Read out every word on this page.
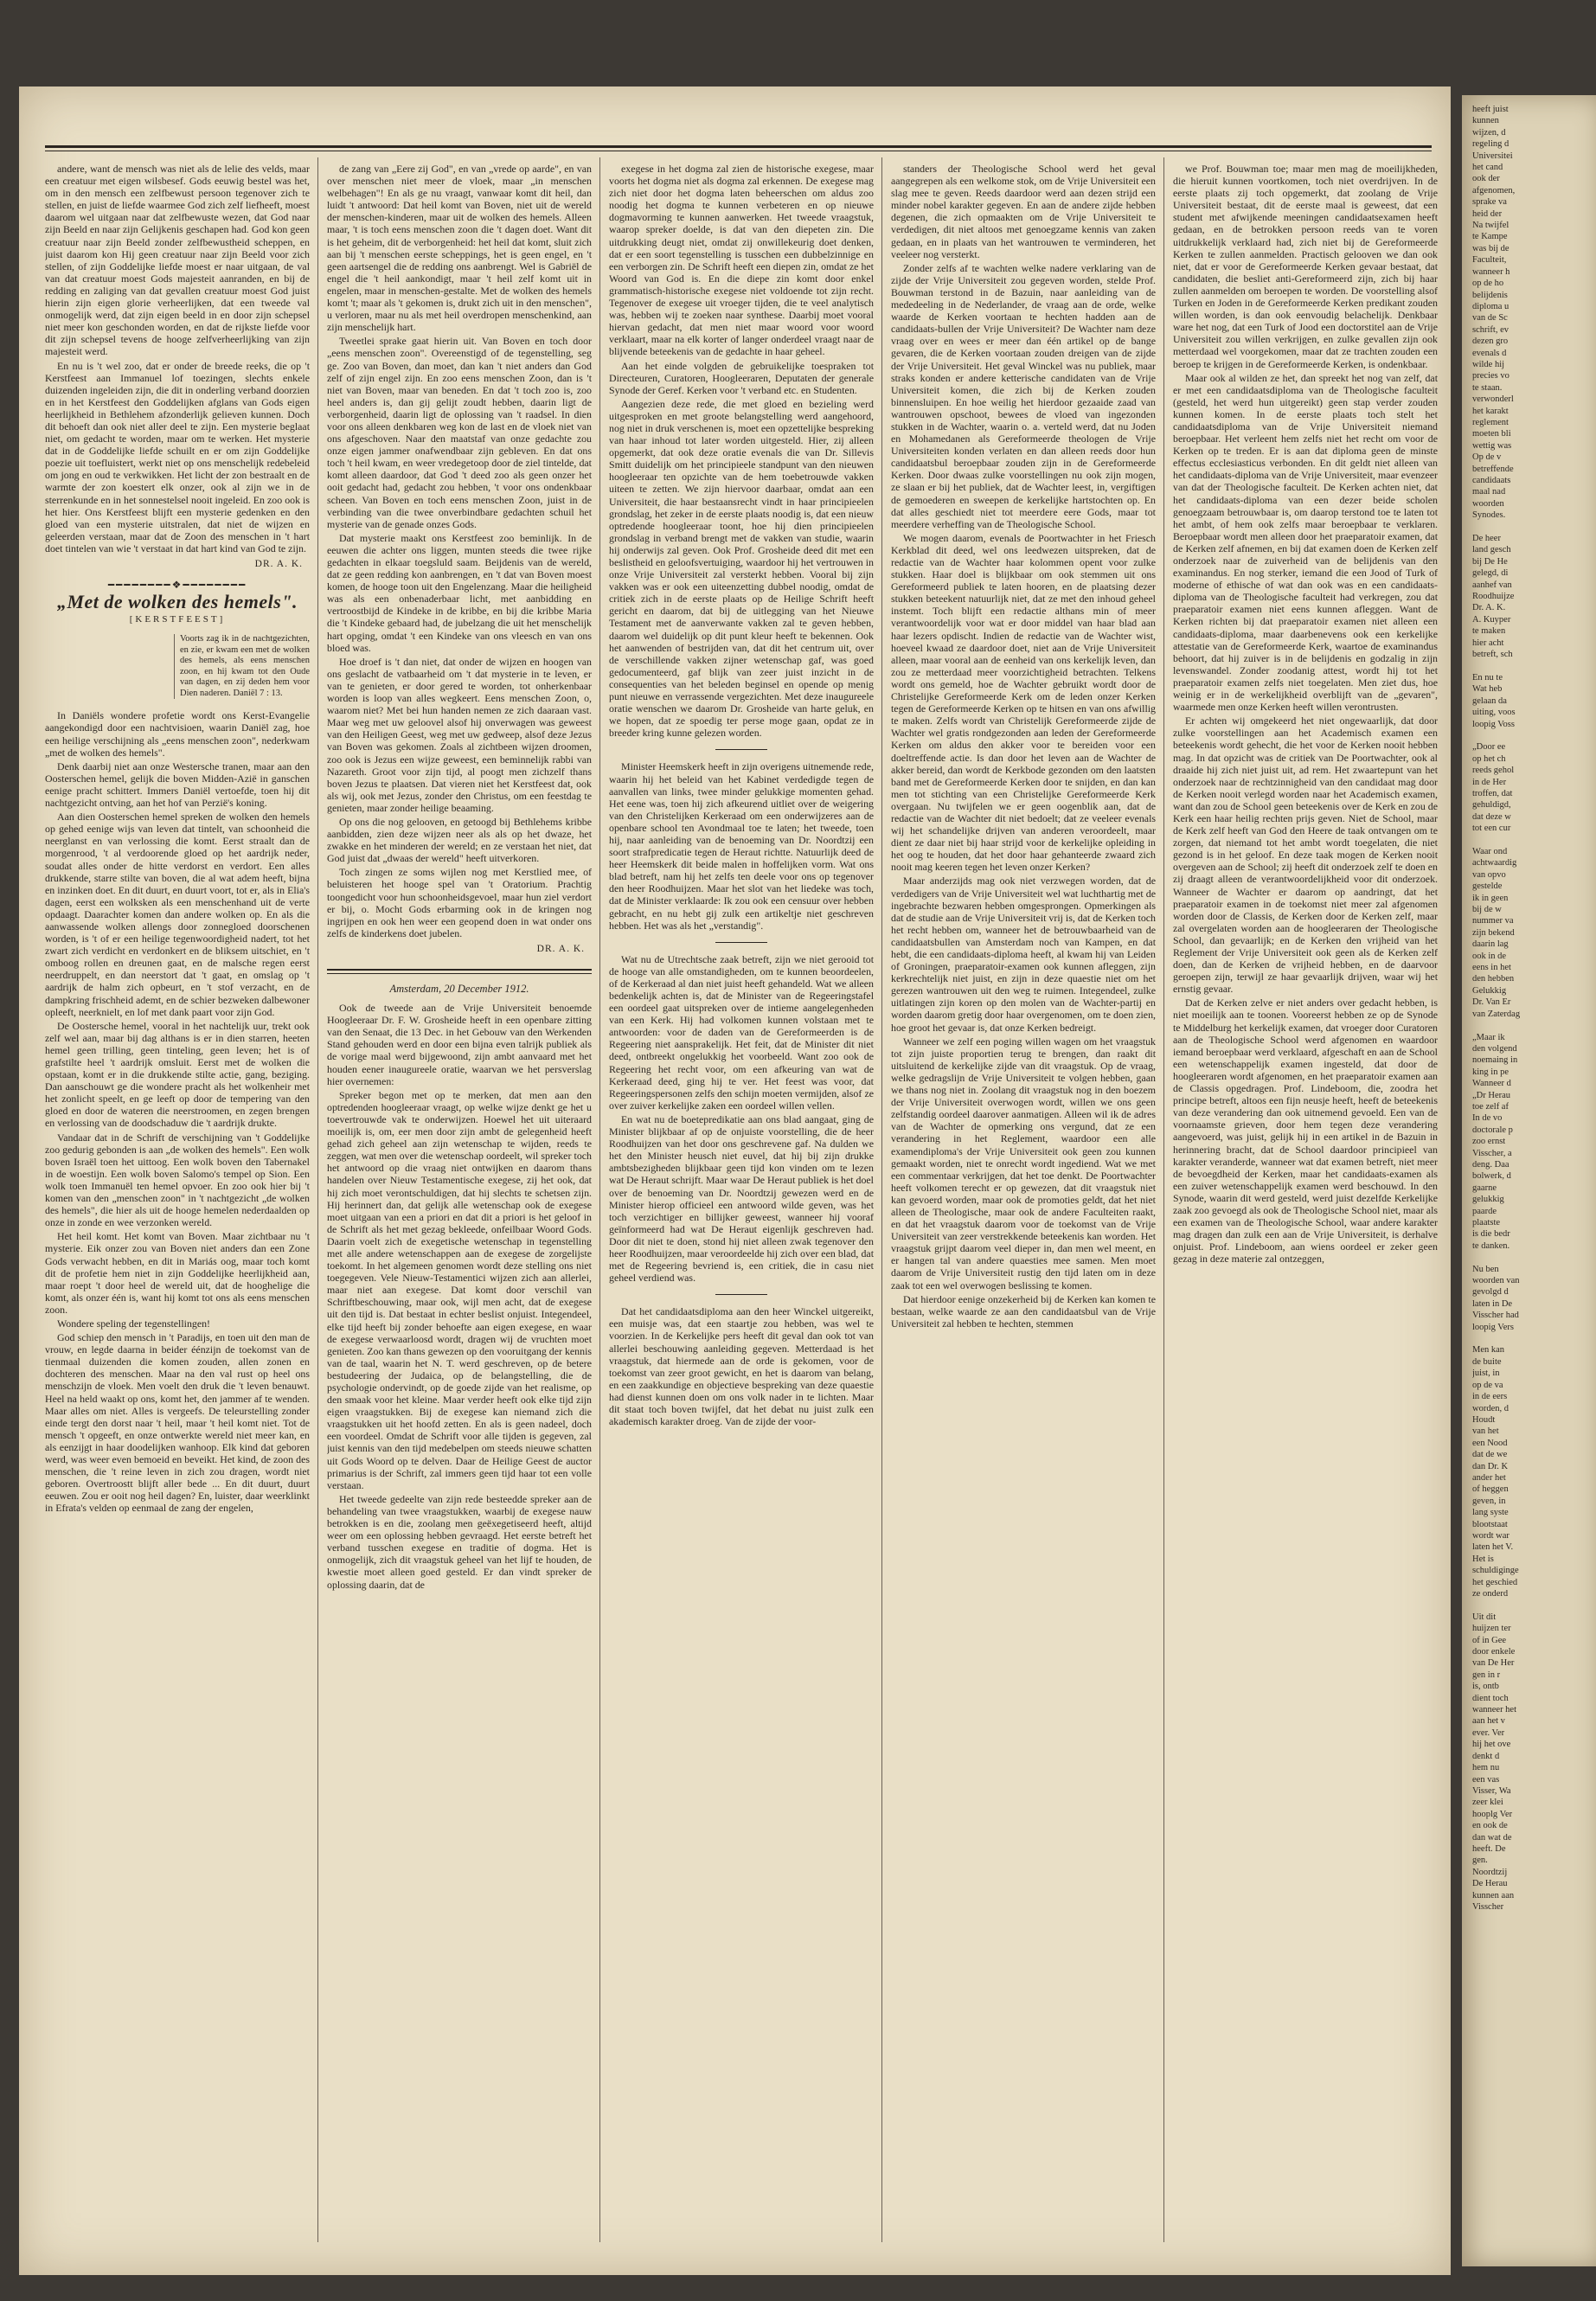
andere, want de mensch was niet als de lelie des velds, maar een creatuur met eigen wilsbesef. Gods eeuwig bestel was het, om in den mensch een zelfbewust persoon tegenover zich te stellen, en juist de liefde waarmee God zich zelf liefheeft, moest daarom wel uitgaan naar dat zelfbewuste wezen, dat God naar zijn Beeld en naar zijn Gelijkenis geschapen had. God kon geen creatuur naar zijn Beeld zonder zelfbewustheid scheppen, en juist daarom kon Hij geen creatuur naar zijn Beeld voor zich stellen, of zijn Goddelijke liefde moest er naar uitgaan, de val van dat creatuur moest Gods majesteit aanranden, en bij de redding en zaliging van dat gevallen creatuur moest God juist hierin zijn eigen glorie verheerlijken, dat een tweede val onmogelijk werd, dat zijn eigen beeld in en door zijn schepsel niet meer kon geschonden worden, en dat de rijkste liefde voor dit zijn schepsel tevens de hooge zelfverheerlijking van zijn majesteit werd.

En nu is 't wel zoo, dat er onder de breede reeks, die op 't Kerstfeest aan Immanuel lof toezingen, slechts enkele duizenden ingeleiden zijn, die dit in onderling verband doorzien en in het Kerstfeest den Goddelijken afglans van Gods eigen heerlijkheid in Bethlehem afzonderlijk gelieven kunnen. Doch dit behoeft dan ook niet aller deel te zijn. Een mysterie beglaat niet, om gedacht te worden, maar om te werken. Het mysterie dat in de Goddelijke liefde schuilt en er om zijn Goddelijke poezie uit toefluistert, werkt niet op ons menschelijk redebeleid om jong en oud te verkwikken. Het licht der zon bestraalt en de warmte der zon koestert elk onzer, ook al zijn we in de sterrenkunde en in het sonnestelsel nooit ingeleid. En zoo ook is het hier. Ons Kerstfeest blijft een mysterie gedenken en den gloed van een mysterie uitstralen, dat niet de wijzen en geleerden verstaan, maar dat de Zoon des menschen in 't hart doet tintelen van wie 't verstaat in dat hart kind van God te zijn.

DR. A. K.
━━━━━━━━❖━━━━━━━━
„Met de wolken des hemels".
[KERSTFEEST]
Voorts zag ik in de nachtgezichten, en zie, er kwam een met de wolken des hemels, als eens menschen zoon, en hij kwam tot den Oude van dagen, en zij deden hem voor Dien naderen. Daniël 7 : 13.

In Daniëls wondere profetie wordt ons Kerst-Evangelie aangekondigd door een nachtvisioen, waarin Daniël zag, hoe een heilige verschijning als „eens menschen zoon", nederkwam „met de wolken des hemels".

Denk daarbij niet aan onze Westersche tranen, maar aan den Oosterschen hemel, gelijk die boven Midden-Azië in ganschen eenige pracht schittert. Immers Daniël vertoefde, toen hij dit nachtgezicht ontving, aan het hof van Perzië's koning.

Aan dien Oosterschen hemel spreken de wolken den hemels op gehed eenige wijs van leven dat tintelt, van schoonheid die neerglanst en van verlossing die komt. Eerst straalt dan de morgenrood, 't al verdoorende gloed op het aardrijk neder, soudat alles onder de hitte verdorst en verdort. Een alles drukkende, starre stilte van boven, die al wat adem heeft, bijna en inzinken doet. En dit duurt, en duurt voort, tot er, als in Elia's dagen, eerst een wolksken als een menschenhand uit de verte opdaagt. Daarachter komen dan andere wolken op. En als die aanwassende wolken allengs door zonnegloed doorschenen worden, is 't of er een heilige tegenwoordigheid nadert, tot het zwart zich verdicht en verdonkert en de bliksem uitschiet, en 't omboog rollen en dreunen gaat, en de malsche regen eerst neerdruppelt, en dan neerstort dat 't gaat, en omslag op 't aardrijk de halm zich opbeurt, en 't stof verzacht, en de dampkring frischheid ademt, en de schier bezweken dalbewoner opleeft, neerknielt, en lof met dank paart voor zijn God.

De Oostersche hemel, vooral in het nachtelijk uur, trekt ook zelf wel aan, maar bij dag althans is er in dien starren, heeten hemel geen trilling, geen tinteling, geen leven; het is of grafstilte heel 't aardrijk omsluit. Eerst met de wolken die opstaan, komt er in die drukkende stilte actie, gang, beziging. Dan aanschouwt ge die wondere pracht als het wolkenheir met het zonlicht speelt, en ge leeft op door de tempering van den gloed en door de wateren die neerstroomen, en zegen brengen en verlossing van de doodschaduw die 't aardrijk drukte.

Vandaar dat in de Schrift de verschijning van 't Goddelijke zoo gedurig gebonden is aan „de wolken des hemels". Een wolk boven Israël toen het uittoog. Een wolk boven den Tabernakel in de woestijn. Een wolk boven Salomo's tempel op Sion. Een wolk toen Immanuël ten hemel opvoer. En zoo ook hier bij 't komen van den „menschen zoon" in 't nachtgezicht „de wolken des hemels", die hier als uit de hooge hemelen nederdaalden op onze in zonde en wee verzonken wereld.

Het heil komt. Het komt van Boven. Maar zichtbaar nu 't mysterie. Eik onzer zou van Boven niet anders dan een Zone Gods verwacht hebben, en dit in Mariás oog, maar toch komt dit de profetie hem niet in zijn Goddelijke heerlijkheid aan, maar roept 't door heel de wereld uit, dat de hooghelige die komt, als onzer één is, want hij komt tot ons als eens menschen zoon.

Wondere speling der tegenstellingen!

God schiep den mensch in 't Paradijs, en toen uit den man de vrouw, en legde daarna in beider éénzijn de toekomst van de tienmaal duizenden die komen zouden, allen zonen en dochteren des menschen. Maar na den val rust op heel ons menschzijn de vloek. Men voelt den druk die 't leven benauwt. Heel na held waakt op ons, komt het, den jammer af te wenden. Maar alles om niet. Alles is vergeefs. De teleurstelling zonder einde tergt den dorst naar 't heil, maar 't heil komt niet. Tot de mensch 't opgeeft, en onze ontwerkte wereld niet meer kan, en als eenzijgt in haar doodelijken wanhoop. Elk kind dat geboren werd, was weer even bemoeid en beveikt. Het kind, de zoon des menschen, die 't reine leven in zich zou dragen, wordt niet geboren. Overtroostt blijft aller bede ... En dit duurt, duurt eeuwen. Zou er ooit nog heil dagen? En, luister, daar weerklinkt in Efrata's velden op eenmaal de zang der engelen,

de zang van „Eere zij God", en van „vrede op aarde", en van over menschen niet meer de vloek, maar „in menschen welbehagen"! En als ge nu vraagt, vanwaar komt dit heil, dan luidt 't antwoord: Dat heil komt van Boven, niet uit de wereld der menschen-kinderen, maar uit de wolken des hemels. Alleen maar, 't is toch eens menschen zoon die 't dagen doet. Want dit is het geheim, dit de verborgenheid: het heil dat komt, sluit zich aan bij 't menschen eerste scheppings, het is geen engel, en 't geen aartsengel die de redding ons aanbrengt. Wel is Gabriël de engel die 't heil aankondigt, maar 't heil zelf komt uit in engelen, maar in menschen-gestalte. Met de wolken des hemels komt 't; maar als 't gekomen is, drukt zich uit in den menschen", u verloren, maar nu als met heil overdropen menschenkind, aan zijn menschelijk hart.

Tweetlei sprake gaat hierin uit. Van Boven en toch door „eens menschen zoon". Overeenstigd of de tegenstelling, seg ge. Zoo van Boven, dan moet, dan kan 't niet anders dan God zelf of zijn engel zijn. En zoo eens menschen Zoon, dan is 't niet van Boven, maar van beneden. En dat 't toch zoo is, zoo heel anders is, dan gij gelijt zoudt hebben, daarin ligt de verborgenheid, daarin ligt de oplossing van 't raadsel. In dien voor ons alleen denkbaren weg kon de last en de vloek niet van ons afgeschoven. Naar den maatstaf van onze gedachte zou onze eigen jammer onafwendbaar zijn gebleven. En dat ons toch 't heil kwam, en weer vredegetoop door de ziel tintelde, dat komt alleen daardoor, dat God 't deed zoo als geen onzer het ooit gedacht had, gedacht zou hebben, 't voor ons ondenkbaar scheen. Van Boven en toch eens menschen Zoon, juist in de verbinding van die twee onverbindbare gedachten schuil het mysterie van de genade onzes Gods.

Dat mysterie maakt ons Kerstfeest zoo beminlijk. In de eeuwen die achter ons liggen, munten steeds die twee rijke gedachten in elkaar toegsluld saam. Beijdenis van de wereld, dat ze geen redding kon aanbrengen, en 't dat van Boven moest komen, de hooge toon uit den Engelenzang. Maar die heiligheid was als een onbenaderbaar licht, met aanbidding en vertroostbijd de Kindeke in de kribbe, en bij die kribbe Maria die 't Kindeke gebaard had, de jubelzang die uit het menschelijk hart opging, omdat 't een Kindeke van ons vleesch en van ons bloed was.

Hoe droef is 't dan niet, dat onder de wijzen en hoogen van ons geslacht de vatbaarheid om 't dat mysterie in te leven, er van te genieten, er door gered te worden, tot onherkenbaar worden is loop van alles wegkeert. Eens menschen Zoon, o, waarom niet? Met bei hun handen nemen ze zich daaraan vast. Maar weg met uw geloovel alsof hij onverwagen was geweest van den Heiligen Geest, weg met uw gedweep, alsof deze Jezus van Boven was gekomen. Zoals al zichtbeen wijzen droomen, zoo ook is Jezus een wijze geweest, een beminnelijk rabbi van Nazareth. Groot voor zijn tijd, al poogt men zichzelf thans boven Jezus te plaatsen. Dat vieren niet het Kerstfeest dat, ook als wij, ook met Jezus, zonder den Christus, om een feestdag te genieten, maar zonder heilige beaaming.

Op ons die nog gelooven, en getoogd bij Bethlehems kribbe aanbidden, zien deze wijzen neer als als op het dwaze, het zwakke en het minderen der wereld; en ze verstaan het niet, dat God juist dat „dwaas der wereld" heeft uitverkoren.

Toch zingen ze soms wijlen nog met Kerstlied mee, of beluisteren het hooge spel van 't Oratorium. Prachtig toongedicht voor hun schoonheidsgevoel, maar hun ziel verdort er bij, o. Mocht Gods erbarming ook in de kringen nog ingrijpen en ook hen weer een geopend doen in wat onder ons zelfs de kinderkens doet jubelen.

DR. A. K.
Amsterdam, 20 December 1912.

Ook de tweede aan de Vrije Universiteit benoemde Hoogleeraar Dr. F. W. Grosheide heeft in een openbare zitting van den Senaat, die 13 Dec. in het Gebouw van den Werkenden Stand gehouden werd en door een bijna even talrijk publiek als de vorige maal werd bijgewoond, zijn ambt aanvaard met het houden eener inaugureele oratie, waarvan we het persverslag hier overnemen:

Spreker begon met op te merken, dat men aan den optredenden hoogleeraar vraagt, op welke wijze denkt ge het u toevertrouwde vak te onderwijzen. Hoewel het uit uiteraard moeilijk is, om, eer men door zijn ambt de gelegenheid heeft gehad zich geheel aan zijn wetenschap te wijden, reeds te zeggen, wat men over die wetenschap oordeelt, wil spreker toch het antwoord op die vraag niet ontwijken en daarom thans handelen over Nieuw Testamentische exegese, zij het ook, dat hij zich moet verontschuldigen, dat hij slechts te schetsen zijn. Hij herinnert dan, dat gelijk alle wetenschap ook de exegese moet uitgaan van een a priori en dat dit a priori is het geloof in de Schrift als het met gezag bekleede, onfeilbaar Woord Gods. Daarin voelt zich de exegetische wetenschap in tegenstelling met alle andere wetenschappen aan de exegese de zorgelijste toekomt. In het algemeen genomen wordt deze stelling ons niet toegegeven. Vele Nieuw-Testamentici wijzen zich aan allerlei, maar niet aan exegese. Dat komt door verschil van Schriftbeschouwing, maar ook, wijl men acht, dat de exegese uit den tijd is. Dat bestaat in echter beslist onjuist. Integendeel, elke tijd heeft bij zonder behoefte aan eigen exegese, en waar de exegese verwaarloosd wordt, dragen wij de vruchten moet genieten. Zoo kan thans gewezen op den vooruitgang der kennis van de taal, waarin het N. T. werd geschreven, op de betere bestudeering der Judaica, op de belangstelling, die de psychologie ondervindt, op de goede zijde van het realisme, op den smaak voor het kleine. Maar verder heeft ook elke tijd zijn eigen vraagstukken. Bij de exegese kan niemand zich die vraagstukken uit het hoofd zetten. En als is geen nadeel, doch een voordeel. Omdat de Schrift voor alle tijden is gegeven, zal juist kennis van den tijd medebelpen om steeds nieuwe schatten uit Gods Woord op te delven. Daar de Heilige Geest de auctor primarius is der Schrift, zal immers geen tijd haar tot een volle verstaan.

Het tweede gedeelte van zijn rede besteedde spreker aan de behandeling van twee vraagstukken, waarbij de exegese nauw betrokken is en die, zoolang men geëxegetiseerd heeft, altijd weer om een oplossing hebben gevraagd. Het eerste betreft het verband tusschen exegese en traditie of dogma. Het is onmogelijk, zich dit vraagstuk geheel van het lijf te houden, de kwestie moet alleen goed gesteld. Er dan vindt spreker de oplossing daarin, dat de

exegese in het dogma zal zien de historische exegese, maar voorts het dogma niet als dogma zal erkennen. De exegese mag zich niet door het dogma laten beheerschen om aldus zoo noodig het dogma te kunnen verbeteren en op nieuwe dogmavorming te kunnen aanwerken. Het tweede vraagstuk, waarop spreker doelde, is dat van den diepeten zin. Die uitdrukking deugt niet, omdat zij onwillekeurig doet denken, dat er een soort tegenstelling is tusschen een dubbelzinnige en een verborgen zin. De Schrift heeft een diepen zin, omdat ze het Woord van God is. En die diepe zin komt door enkel grammatisch-historische exegese niet voldoende tot zijn recht. Tegenover de exegese uit vroeger tijden, die te veel analytisch was, hebben wij te zoeken naar synthese. Daarbij moet vooral hiervan gedacht, dat men niet maar woord voor woord verklaart, maar na elk korter of langer onderdeel vraagt naar de blijvende beteekenis van de gedachte in haar geheel.

Aan het einde volgden de gebruikelijke toespraken tot Directeuren, Curatoren, Hoogleeraren, Deputaten der generale Synode der Geref. Kerken voor 't verband etc. en Studenten.

Aangezien deze rede, die met gloed en bezieling werd uitgesproken en met groote belangstelling werd aangehoord, nog niet in druk verschenen is, moet een opzettelijke bespreking van haar inhoud tot later worden uitgesteld. Hier, zij alleen opgemerkt, dat ook deze oratie evenals die van Dr. Sillevis Smitt duidelijk om het principieele standpunt van den nieuwen hoogleeraar ten opzichte van de hem toebetrouwde vakken uiteen te zetten. We zijn hiervoor daarbaar, omdat aan een Universiteit, die haar bestaansrecht vindt in haar principieelen grondslag, het zeker in de eerste plaats noodig is, dat een nieuw optredende hoogleeraar toont, hoe hij dien principieelen grondslag in verband brengt met de vakken van studie, waarin hij onderwijs zal geven. Ook Prof. Grosheide deed dit met een beslistheid en geloofsvertuiging, waardoor hij het vertrouwen in onze Vrije Universiteit zal versterkt hebben. Vooral bij zijn vakken was er ook een uiteenzetting dubbel noodig, omdat de critiek zich in de eerste plaats op de Heilige Schrift heeft gericht en daarom, dat bij de uitlegging van het Nieuwe Testament met de aanverwante vakken zal te geven hebben, daarom wel duidelijk op dit punt kleur heeft te bekennen. Ook het aanwenden of bestrijden van, dat dit het centrum uit, over de verschillende vakken zijner wetenschap gaf, was goed gedocumenteerd, gaf blijk van zeer juist inzicht in de consequenties van het beleden beginsel en opende op menig punt nieuwe en verrassende vergezichten. Met deze inaugureele oratie wenschen we daarom Dr. Grosheide van harte geluk, en we hopen, dat ze spoedig ter perse moge gaan, opdat ze in breeder kring kunne gelezen worden.

Minister Heemskerk heeft in zijn overigens uitnemende rede, waarin hij het beleid van het Kabinet verdedigde tegen de aanvallen van links, twee minder gelukkige momenten gehad. Het eene was, toen hij zich afkeurend uitliet over de weigering van den Christelijken Kerkeraad om een onderwijzeres aan de openbare school ten Avondmaal toe te laten; het tweede, toen hij, naar aanleiding van de benoeming van Dr. Noordtzij een soort strafpredicatie tegen de Heraut richtte. Natuurlijk deed de heer Heemskerk dit beide malen in hoffelijken vorm. Wat ons blad betreft, nam hij het zelfs ten deele voor ons op tegenover den heer Roodhuijzen. Maar het slot van het liedeke was toch, dat de Minister verklaarde: Ik zou ook een censuur over hebben gebracht, en nu hebt gij zulk een artikeltje niet geschreven hebben. Het was als het „verstandig".

Wat nu de Utrechtsche zaak betreft, zijn we niet gerooid tot de hooge van alle omstandigheden, om te kunnen beoordeelen, of de Kerkeraad al dan niet juist heeft gehandeld. Wat we alleen bedenkelijk achten is, dat de Minister van de Regeeringstafel een oordeel gaat uitspreken over de intieme aangelegenheden van een Kerk. Hij had volkomen kunnen volstaan met te antwoorden: voor de daden van de Gereformeerden is de Regeering niet aansprakelijk. Het feit, dat de Minister dit niet deed, ontbreekt ongelukkig het voorbeeld. Want zoo ook de Regeering het recht voor, om een afkeuring van wat de Kerkeraad deed, ging hij te ver. Het feest was voor, dat Regeeringspersonen zelfs den schijn moeten vermijden, alsof ze over zuiver kerkelijke zaken een oordeel willen vellen.

En wat nu de boetepredikatie aan ons blad aangaat, ging de Minister blijkbaar af op de onjuiste voorstelling, die de heer Roodhuijzen van het door ons geschrevene gaf. Na dulden we het den Minister heusch niet euvel, dat hij bij zijn drukke ambtsbezigheden blijkbaar geen tijd kon vinden om te lezen wat De Heraut schrijft. Maar waar De Heraut publiek is het doel over de benoeming van Dr. Noordtzij gewezen werd en de Minister hierop officieel een antwoord wilde geven, was het toch verzichtiger en billijker geweest, wanneer hij vooraf geïnformeerd had wat De Heraut eigenlijk geschreven had. Door dit niet te doen, stond hij niet alleen zwak tegenover den heer Roodhuijzen, maar veroordeelde hij zich over een blad, dat met de Regeering bevriend is, een critiek, die in casu niet geheel verdiend was.

Dat het candidaatsdiploma aan den heer Winckel uitgereikt, een muisje was, dat een staartje zou hebben, was wel te voorzien. In de Kerkelijke pers heeft dit geval dan ook tot van allerlei beschouwing aanleiding gegeven. Metterdaad is het vraagstuk, dat hiermede aan de orde is gekomen, voor de toekomst van zeer groot gewicht, en het is daarom van belang, en een zaakkundige en objectieve bespreking van deze quaestie had dienst kunnen doen om ons volk nader in te lichten. Maar dit staat toch boven twijfel, dat het debat nu juist zulk een akademisch karakter droeg. Van de zijde der voor-

standers der Theologische School werd het geval aangegrepen als een welkome stok, om de Vrije Universiteit een slag mee te geven. Reeds daardoor werd aan dezen strijd een minder nobel karakter gegeven. En aan de andere zijde hebben degenen, die zich opmaakten om de Vrije Universiteit te verdedigen, dit niet altoos met genoegzame kennis van zaken gedaan, en in plaats van het wantrouwen te verminderen, het veeleer nog versterkt.

Zonder zelfs af te wachten welke nadere verklaring van de zijde der Vrije Universiteit zou gegeven worden, stelde Prof. Bouwman terstond in de Bazuin, naar aanleiding van de mededeeling in de Nederlander, de vraag aan de orde, welke waarde de Kerken voortaan te hechten hadden aan de candidaats-bullen der Vrije Universiteit? De Wachter nam deze vraag over en wees er meer dan één artikel op de bange gevaren, die de Kerken voortaan zouden dreigen van de zijde der Vrije Universiteit. Het geval Winckel was nu publiek, maar straks konden er andere ketterische candidaten van de Vrije Universiteit komen, die zich bij de Kerken zouden binnensluipen. En hoe weilig het hierdoor gezaaide zaad van wantrouwen opschoot, bewees de vloed van ingezonden stukken in de Wachter, waarin o. a. verteld werd, dat nu Joden en Mohamedanen als Gereformeerde theologen de Vrije Universiteiten konden verlaten en dan alleen reeds door hun candidaatsbul beroepbaar zouden zijn in de Gereformeerde Kerken. Door dwaas zulke voorstellingen nu ook zijn mogen, ze slaan er bij het publiek, dat de Wachter leest, in, vergiftigen de gemoederen en sweepen de kerkelijke hartstochten op. En dat alles geschiedt niet tot meerdere eere Gods, maar tot meerdere verheffing van de Theologische School.

We mogen daarom, evenals de Poortwachter in het Friesch Kerkblad dit deed, wel ons leedwezen uitspreken, dat de redactie van de Wachter haar kolommen opent voor zulke stukken. Haar doel is blijkbaar om ook stemmen uit ons Gereformeerd publiek te laten hooren, en de plaatsing dezer stukken beteekent natuurlijk niet, dat ze met den inhoud geheel instemt. Toch blijft een redactie althans min of meer verantwoordelijk voor wat er door middel van haar blad aan haar lezers opdischt. Indien de redactie van de Wachter wist, hoeveel kwaad ze daardoor doet, niet aan de Vrije Universiteit alleen, maar vooral aan de eenheid van ons kerkelijk leven, dan zou ze metterdaad meer voorzichtigheid betrachten. Telkens wordt ons gemeld, hoe de Wachter gebruikt wordt door de Christelijke Gereformeerde Kerk om de leden onzer Kerken tegen de Gereformeerde Kerken op te hitsen en van ons afwillig te maken. Zelfs wordt van Christelijk Gereformeerde zijde de Wachter wel gratis rondgezonden aan leden der Gereformeerde Kerken om aldus den akker voor te bereiden voor een doeltreffende actie. Is dan door het leven aan de Wachter de akker bereid, dan wordt de Kerkbode gezonden om den laatsten band met de Gereformeerde Kerken door te snijden, en dan kan men tot stichting van een Christelijke Gereformeerde Kerk overgaan. Nu twijfelen we er geen oogenblik aan, dat de redactie van de Wachter dit niet bedoelt; dat ze veeleer evenals wij het schandelijke drijven van anderen veroordeelt, maar dient ze daar niet bij haar strijd voor de kerkelijke opleiding in het oog te houden, dat het door haar gehanteerde zwaard zich nooit mag keeren tegen het leven onzer Kerken?

Maar anderzijds mag ook niet verzwegen worden, dat de verdedigers van de Vrije Universiteit wel wat luchthartig met de ingebrachte bezwaren hebben omgesprongen. Opmerkingen als dat de studie aan de Vrije Universiteit vrij is, dat de Kerken toch het recht hebben om, wanneer het de betrouwbaarheid van de candidaatsbullen van Amsterdam noch van Kampen, en dat hebt, die een candidaats-diploma heeft, al kwam hij van Leiden of Groningen, praeparatoir-examen ook kunnen afleggen, zijn kerkrechtelijk niet juist, en zijn in deze quaestie niet om het gerezen wantrouwen uit den weg te ruimen. Integendeel, zulke uitlatingen zijn koren op den molen van de Wachter-partij en worden daarom gretig door haar overgenomen, om te doen zien, hoe groot het gevaar is, dat onze Kerken bedreigt.

Wanneer we zelf een poging willen wagen om het vraagstuk tot zijn juiste proportien terug te brengen, dan raakt dit uitsluitend de kerkelijke zijde van dit vraagstuk. Op de vraag, welke gedragslijn de Vrije Universiteit te volgen hebben, gaan we thans nog niet in. Zoolang dit vraagstuk nog in den boezem der Vrije Universiteit overwogen wordt, willen we ons geen zelfstandig oordeel daarover aanmatigen. Alleen wil ik de adres van de Wachter de opmerking ons vergund, dat ze een verandering in het Reglement, waardoor een alle examendiploma's der Vrije Universiteit ook geen zou kunnen gemaakt worden, niet te onrecht wordt ingediend. Wat we met een commentaar verkrijgen, dat het toe denkt. De Poortwachter heeft volkomen terecht er op gewezen, dat dit vraagstuk niet kan gevoerd worden, maar ook de promoties geldt, dat het niet alleen de Theologische, maar ook de andere Faculteiten raakt, en dat het vraagstuk daarom voor de toekomst van de Vrije Universiteit van zeer verstrekkende beteekenis kan worden. Het vraagstuk grijpt daarom veel dieper in, dan men wel meent, en er hangen tal van andere quaesties mee samen. Men moet daarom de Vrije Universiteit rustig den tijd laten om in deze zaak tot een wel overwogen beslissing te komen.

Dat hierdoor eenige onzekerheid bij de Kerken kan komen te bestaan, welke waarde ze aan den candidaatsbul van de Vrije Universiteit zal hebben te hechten, stemmen

we Prof. Bouwman toe; maar men mag de moeilijkheden, die hieruit kunnen voortkomen, toch niet overdrijven. In de eerste plaats zij toch opgemerkt, dat zoolang de Vrije Universiteit bestaat, dit de eerste maal is geweest, dat een student met afwijkende meeningen candidaatsexamen heeft gedaan, en de betrokken persoon reeds van te voren uitdrukkelijk verklaard had, zich niet bij de Gereformeerde Kerken te zullen aanmelden. Practisch gelooven we dan ook niet, dat er voor de Gereformeerde Kerken gevaar bestaat, dat candidaten, die besliet anti-Gereformeerd zijn, zich bij haar zullen aanmelden om beroepen te worden. De voorstelling alsof Turken en Joden in de Gereformeerde Kerken predikant zouden willen worden, is dan ook eenvoudig belachelijk. Denkbaar ware het nog, dat een Turk of Jood een doctorstitel aan de Vrije Universiteit zou willen verkrijgen, en zulke gevallen zijn ook metterdaad wel voorgekomen, maar dat ze trachten zouden een beroep te krijgen in de Gereformeerde Kerken, is ondenkbaar.

Maar ook al wilden ze het, dan spreekt het nog van zelf, dat er met een candidaatsdiploma van de Theologische faculteit (gesteld, het werd hun uitgereikt) geen stap verder zouden kunnen komen. In de eerste plaats toch stelt het candidaatsdiploma van de Vrije Universiteit niemand beroepbaar. Het verleent hem zelfs niet het recht om voor de Kerken op te treden. Er is aan dat diploma geen de minste effectus ecclesiasticus verbonden. En dit geldt niet alleen van het candidaats-diploma van de Vrije Universiteit, maar evenzeer van dat der Theologische faculteit. De Kerken achten niet, dat het candidaats-diploma van een dezer beide scholen genoegzaam betrouwbaar is, om daarop terstond toe te laten tot het ambt, of hem ook zelfs maar beroepbaar te verklaren. Beroepbaar wordt men alleen door het praeparatoir examen, dat de Kerken zelf afnemen, en bij dat examen doen de Kerken zelf onderzoek naar de zuiverheid van de belijdenis van den examinandus. En nog sterker, iemand die een Jood of Turk of moderne of ethische of wat dan ook was en een candidaats-diploma van de Theologische faculteit had verkregen, zou dat praeparatoir examen niet eens kunnen afleggen. Want de Kerken richten bij dat praeparatoir examen niet alleen een candidaats-diploma, maar daarbenevens ook een kerkelijke attestatie van de Gereformeerde Kerk, waartoe de examinandus behoort, dat hij zuiver is in de belijdenis en godzalig in zijn levenswandel. Zonder zoodanig attest, wordt hij tot het praeparatoir examen zelfs niet toegelaten. Men ziet dus, hoe weinig er in de werkelijkheid overblijft van de „gevaren", waarmede men onze Kerken heeft willen verontrusten.

Er achten wij omgekeerd het niet ongewaarlijk, dat door zulke voorstellingen aan het Academisch examen een beteekenis wordt gehecht, die het voor de Kerken nooit hebben mag. In dat opzicht was de critiek van De Poortwachter, ook al draaide hij zich niet juist uit, ad rem. Het zwaartepunt van het onderzoek naar de rechtzinnigheid van den candidaat mag door de Kerken nooit verlegd worden naar het Academisch examen, want dan zou de School geen beteekenis over de Kerk en zou de Kerk een haar heilig rechten prijs geven. Niet de School, maar de Kerk zelf heeft van God den Heere de taak ontvangen om te zorgen, dat niemand tot het ambt wordt toegelaten, die niet gezond is in het geloof. En deze taak mogen de Kerken nooit overgeven aan de School; zij heeft dit onderzoek zelf te doen en zij draagt alleen de verantwoordelijkheid voor dit onderzoek. Wanneer de Wachter er daarom op aandringt, dat het praeparatoir examen in de toekomst niet meer zal afgenomen worden door de Classis, de Kerken door de Kerken zelf, maar zal overgelaten worden aan de hoogleeraren der Theologische School, dan gevaarlijk; en de Kerken den vrijheid van het Reglement der Vrije Universiteit ook geen als de Kerken zelf doen, dan de Kerken de vrijheid hebben, en de daarvoor geroepen zijn, terwijl ze haar gevaarlijk drijven, waar wij het ernstig gevaar.

Dat de Kerken zelve er niet anders over gedacht hebben, is niet moeilijk aan te toonen. Vooreerst hebben ze op de Synode te Middelburg het kerkelijk examen, dat vroeger door Curatoren aan de Theologische School werd afgenomen en waardoor iemand beroepbaar werd verklaard, afgeschaft en aan de School een wetenschappelijk examen ingesteld, dat door de hoogleeraren wordt afgenomen, en het praeparatoir examen aan de Classis opgedragen. Prof. Lindeboom, die, zoodra het principe betreft, altoos een fijn neusje heeft, heeft de beteekenis van deze verandering dan ook uitnemend gevoeld. Een van de voornaamste grieven, door hem tegen deze verandering aangevoerd, was juist, gelijk hij in een artikel in de Bazuin in herinnering bracht, dat de School daardoor principieel van karakter veranderde, wanneer wat dat examen betreft, niet meer de bevoegdheid der Kerken, maar het candidaats-examen als een zuiver wetenschappelijk examen werd beschouwd. In den Synode, waarin dit werd gesteld, werd juist dezelfde Kerkelijke zaak zoo gevoegd als ook de Theologische School niet, maar als een examen van de Theologische School, waar andere karakter mag dragen dan zulk een aan de Vrije Universiteit, is derhalve onjuist. Prof. Lindeboom, aan wiens oordeel er zeker geen gezag in deze materie zal ontzeggen,

heeft juist
kunnen
wijzen, d
regeling d
Universitei
het cand
ook der
afgenomen,
sprake va
heid der
Na twijfel
te Kampe
was bij de
Faculteit,
wanneer h
op de ho
belijdenis
diploma u
van de Sc
schrift, ev
dezen gro
evenals d
wilde hij
precies vo
te staan.
verwonderl
het karakt
reglement
moeten bli
wettig was
Op de v
betreffende
candidaats
maal nad
woorden
Synodes.

De heer
land gesch
bij De He
gelegd, di
aanhef van
Roodhuijze
Dr. A. K.
A. Kuyper
te maken
hier acht
betreft, sch

En nu te
Wat heb
gelaan da
uiting, voos
loopig Voss

„Door ee
op het ch
reeds gehol
in de Her
troffen, dat
gehuldigd,
dat deze w
tot een cur

Waar ond
achtwaardig
van opvo
gestelde
ik in geen
bij de w
nummer va
zijn bekend
daarin lag
ook in de
eens in het
den hebben
Gelukkig
Dr. Van Er
van Zaterdag

„Maar ik
den volgend
noemaing in
king in pe
Wanneer d
„Dr Herau
toe zelf af
In de vo
doctorale p
zoo ernst
Visscher, a
deng. Daa
bolwerk, d
gaarne
gelukkig
paarde
plaatste
is die bedr
te danken.

Nu ben
woorden van
gevolgd d
laten in De
Visscher had
loopig Vers

Men kan
de buite
juist, in
op de va
in de eers
worden, d
Houdt
van het
een Nood
dat de we
dan Dr. K
ander het
of heggen
geven, in
lang syste
blootstaat
wordt war
laten het V.
Het is
schuldiginge
het geschied
ze onderd

Uit dit
huijzen ter
of in Gee
door enkele
van De Her
gen in r
is, ontb
dient toch
wanneer het
aan het v
ever. Ver
hij het ove
denkt d
hem nu
een vas
Visser, Wa
zeer klei
hooplg Ver
en ook de
dan wat de
heeft. De
gen.
Noordtzij
De Herau
kunnen aan
Visscher
